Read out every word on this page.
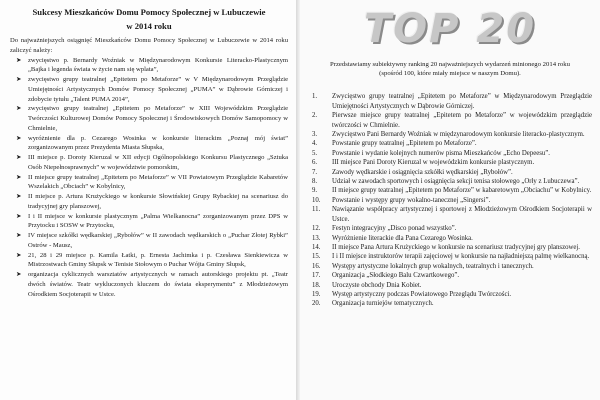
Sukcesy Mieszkańców Domu Pomocy Społecznej w Lubuczewie
w 2014 roku
Do najważniejszych osiągnięć Mieszkańców Domu Pomocy Społecznej w Lubuczewie w 2014 roku zaliczyć należy:
➤ zwycięstwo p. Bernardy Woźniak w Międzynarodowym Konkursie Literacko-Plastycznym „Bajka i legenda świata w życie nam się wplata”,
➤ zwycięstwo grupy teatralnej „Epitetem po Metaforze” w V Międzynarodowym Przeglądzie Umiejętności Artystycznych Domów Pomocy Społecznej „PUMA” w Dąbrowie Górniczej i zdobycie tytułu „Talent PUMA 2014”,
➤ zwycięstwo grupy teatralnej „Epitetem po Metaforze” w XIII Wojewódzkim Przeglądzie Twórczości Kulturowej Domów Pomocy Społecznej i Środowiskowych Domów Samopomocy w Chmielnie,
➤ wyróżnienie dla p. Cezarego Wosinka w konkursie literackim „Poznaj mój świat” zorganizowanym przez Prezydenta Miasta Słupska,
➤ III miejsce p. Doroty Kieruzal w XII edycji Ogólnopolskiego Konkursu Plastycznego „Sztuka Osób Niepełnosprawnych” w województwie pomorskim,
➤ II miejsce grupy teatralnej „Epitetem po Metaforze” w VII Powiatowym Przeglądzie Kabaretów Wszelakich „Obciach” w Kobylnicy,
➤ II miejsce p. Artura Krużyckiego w konkursie Słowińskiej Grupy Rybackiej na scenariusz do tradycyjnej gry planszowej,
➤ I i II miejsce w konkursie plastycznym „Palma Wielkanocna” zorganizowanym przez DPS w Przytocku i SOSW w Przytocku,
➤ IV miejsce szkółki wędkarskiej „Rybołów” w II zawodach wędkarskich o „Puchar Złotej Rybki” Ostrów - Mausz,
➤ 21, 28 i 29 miejsce p. Kamila Łatki, p. Ernesta Jachimka i p. Czesława Sienkiewicza w Mistrzostwach Gminy Słupsk w Tenisie Stołowym o Puchar Wójta Gminy Słupsk,
➤ organizacja cyklicznych warsztatów artystycznych w ramach autorskiego projektu pt. „Teatr dwóch światów. Teatr wykluczonych kluczem do świata eksperymentu” z Młodzieżowym Ośrodkiem Socjoterapii w Ustce.
TOP 20
Przedstawiamy subiektywny ranking 20 najważniejszych wydarzeń minionego 2014 roku (spośród 100, które miały miejsce w naszym Domu).
1. Zwycięstwo grupy teatralnej „Epitetem po Metaforze” w Międzynarodowym Przeglądzie Umiejętności Artystycznych w Dąbrowie Górniczej.
2. Pierwsze miejsce grupy teatralnej „Epitetem po Metaforze” w wojewódzkim przeglądzie twórczości w Chmielnie.
3. Zwycięstwo Pani Bernardy Woźniak w międzynarodowym konkursie literacko-plastycznym.
4. Powstanie grupy teatralnej „Epitetem po Metaforze”.
5. Powstanie i wydanie kolejnych numerów pisma Mieszkańców „Echo Depeesu”.
6. III miejsce Pani Doroty Kieruzal w wojewódzkim konkursie plastycznym.
7. Zawody wędkarskie i osiągnięcia szkółki wędkarskiej „Rybołów”.
8. Udział w zawodach sportowych i osiągnięcia sekcji tenisa stołowego „Orły z Lubuczewa”.
9. II miejsce grupy teatralnej „Epitetem po Metaforze” w kabaretowym „Obciachu” w Kobylnicy.
10. Powstanie i występy grupy wokalno-tanecznej „Singersi”.
11. Nawiązanie współpracy artystycznej i sportowej z Młodzieżowym Ośrodkiem Socjoterapii w Ustce.
12. Festyn integracyjny „Disco ponad wszystko”.
13. Wyróżnienie literackie dla Pana Cezarego Wosinka.
14. II miejsce Pana Artura Krużyckiego w konkursie na scenariusz tradycyjnej gry planszowej.
15. I i II miejsce instruktorów terapii zajęciowej w konkursie na najładniejszą palmę wielkanocną.
16. Występy artystyczne lokalnych grup wokalnych, teatralnych i tanecznych.
17. Organizacja „Słodkiego Balu Czwartkowego”.
18. Uroczyste obchody Dnia Kobiet.
19. Występ artystyczny podczas Powiatowego Przeglądu Twórczości.
20. Organizacja turniejów tematycznych.
